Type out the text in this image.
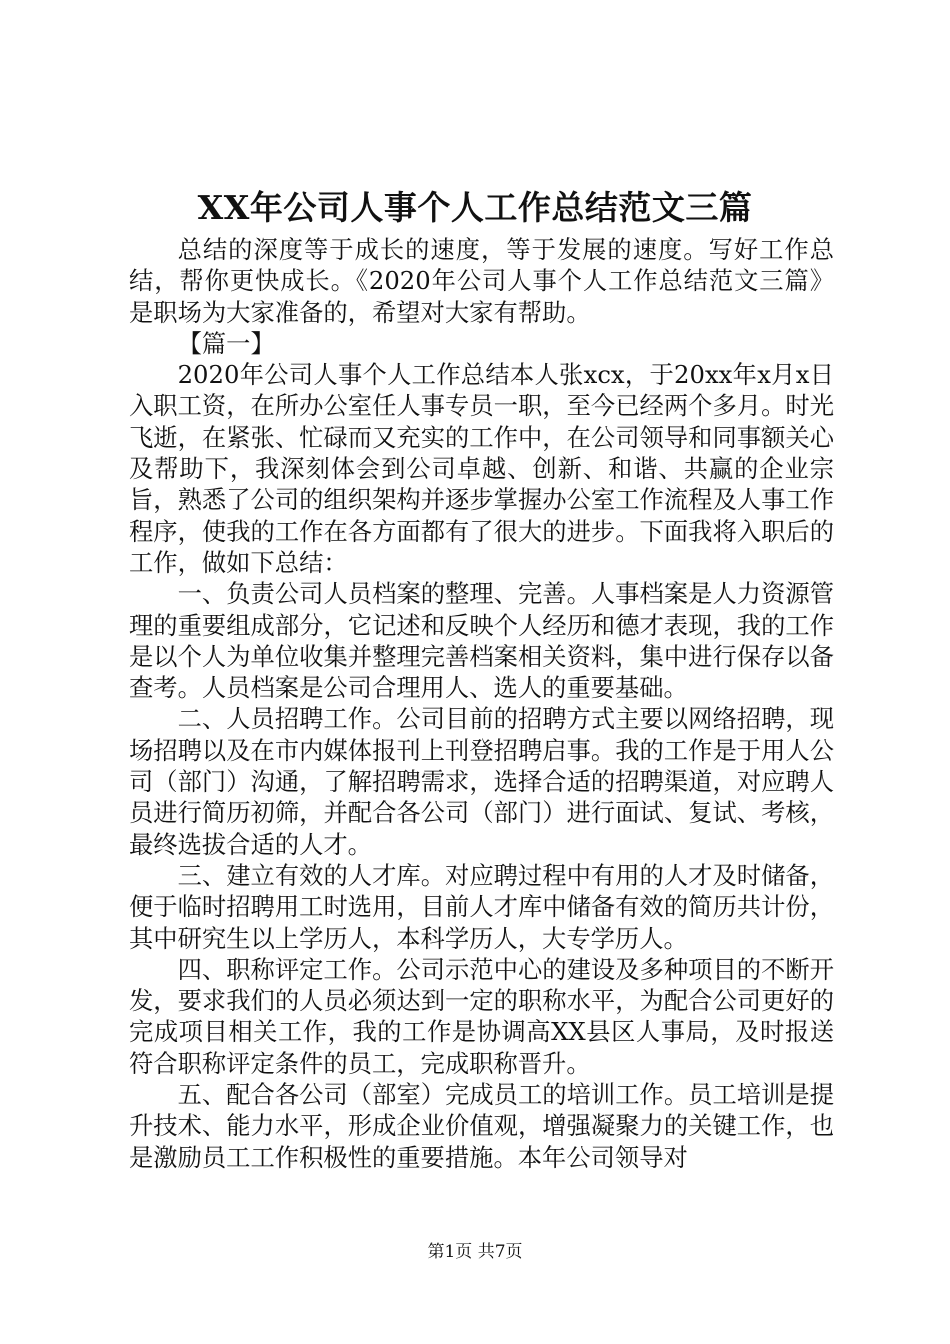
XX年公司人事个人工作总结范文三篇

总结的深度等于成长的速度，等于发展的速度。写好工作总结，帮你更快成长。《2020年公司人事个人工作总结范文三篇》是职场为大家准备的，希望对大家有帮助。

【篇一】

2020年公司人事个人工作总结本人张xcx，于20xx年x月x日入职工资，在所办公室任人事专员一职，至今已经两个多月。时光飞逝，在紧张、忙碌而又充实的工作中，在公司领导和同事额关心及帮助下，我深刻体会到公司卓越、创新、和谐、共赢的企业宗旨，熟悉了公司的组织架构并逐步掌握办公室工作流程及人事工作程序，使我的工作在各方面都有了很大的进步。下面我将入职后的工作，做如下总结：

一、负责公司人员档案的整理、完善。人事档案是人力资源管理的重要组成部分，它记述和反映个人经历和德才表现，我的工作是以个人为单位收集并整理完善档案相关资料，集中进行保存以备查考。人员档案是公司合理用人、选人的重要基础。

二、人员招聘工作。公司目前的招聘方式主要以网络招聘，现场招聘以及在市内媒体报刊上刊登招聘启事。我的工作是于用人公司（部门）沟通，了解招聘需求，选择合适的招聘渠道，对应聘人员进行简历初筛，并配合各公司（部门）进行面试、复试、考核，最终选拔合适的人才。

三、建立有效的人才库。对应聘过程中有用的人才及时储备，便于临时招聘用工时选用，目前人才库中储备有效的简历共计份，其中研究生以上学历人，本科学历人，大专学历人。

四、职称评定工作。公司示范中心的建设及多种项目的不断开发，要求我们的人员必须达到一定的职称水平，为配合公司更好的完成项目相关工作，我的工作是协调高XX县区人事局，及时报送符合职称评定条件的员工，完成职称晋升。

五、配合各公司（部室）完成员工的培训工作。员工培训是提升技术、能力水平，形成企业价值观，增强凝聚力的关键工作，也是激励员工工作积极性的重要措施。本年公司领导对

第1页 共7页
